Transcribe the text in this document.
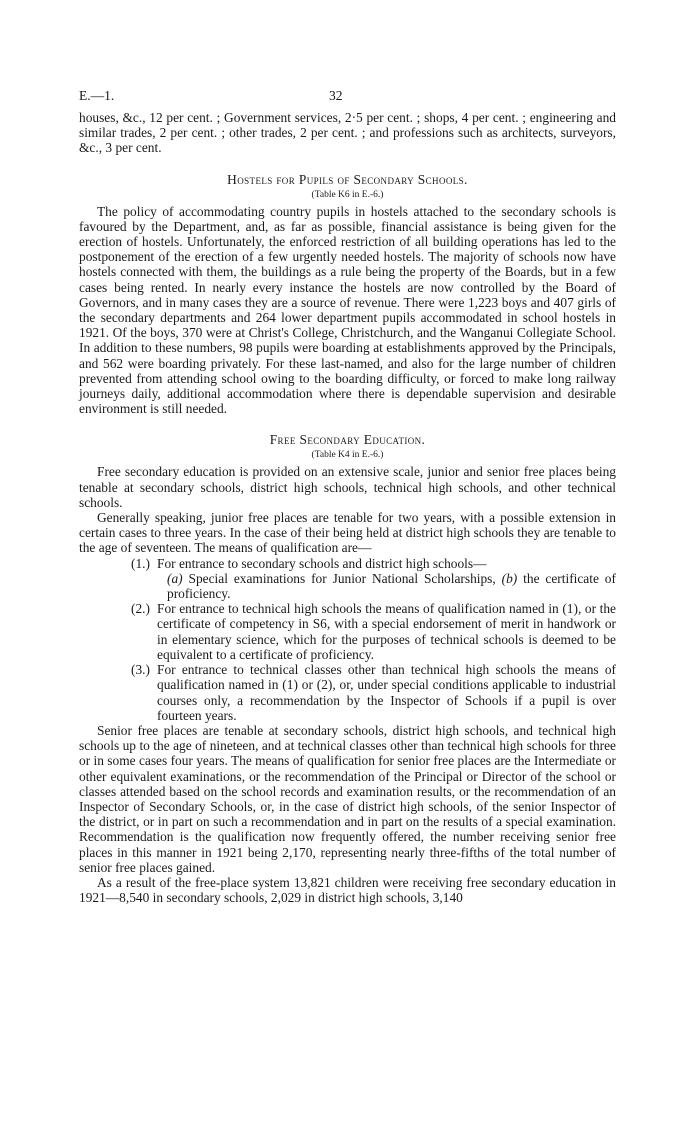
E.—1.	32

houses, &c., 12 per cent. ; Government services, 2·5 per cent. ; shops, 4 per cent. ; engineering and similar trades, 2 per cent. ; other trades, 2 per cent. ; and professions such as architects, surveyors, &c., 3 per cent.

Hostels for Pupils of Secondary Schools.
(Table K6 in E.-6.)

The policy of accommodating country pupils in hostels attached to the secondary schools is favoured by the Department, and, as far as possible, financial assistance is being given for the erection of hostels. Unfortunately, the enforced restriction of all building operations has led to the postponement of the erection of a few urgently needed hostels. The majority of schools now have hostels connected with them, the buildings as a rule being the property of the Boards, but in a few cases being rented. In nearly every instance the hostels are now controlled by the Board of Governors, and in many cases they are a source of revenue. There were 1,223 boys and 407 girls of the secondary departments and 264 lower department pupils accommodated in school hostels in 1921. Of the boys, 370 were at Christ's College, Christchurch, and the Wanganui Collegiate School. In addition to these numbers, 98 pupils were boarding at establishments approved by the Principals, and 562 were boarding privately. For these last-named, and also for the large number of children prevented from attending school owing to the boarding difficulty, or forced to make long railway journeys daily, additional accommodation where there is dependable supervision and desirable environment is still needed.

Free Secondary Education.
(Table K4 in E.-6.)

Free secondary education is provided on an extensive scale, junior and senior free places being tenable at secondary schools, district high schools, technical high schools, and other technical schools.

Generally speaking, junior free places are tenable for two years, with a possible extension in certain cases to three years. In the case of their being held at district high schools they are tenable to the age of seventeen. The means of qualification are—

(1.) For entrance to secondary schools and district high schools—

(a) Special examinations for Junior National Scholarships, (b) the certificate of proficiency.

(2.) For entrance to technical high schools the means of qualification named in (1), or the certificate of competency in S6, with a special endorsement of merit in handwork or in elementary science, which for the purposes of technical schools is deemed to be equivalent to a certificate of proficiency.

(3.) For entrance to technical classes other than technical high schools the means of qualification named in (1) or (2), or, under special conditions applicable to industrial courses only, a recommendation by the Inspector of Schools if a pupil is over fourteen years.

Senior free places are tenable at secondary schools, district high schools, and technical high schools up to the age of nineteen, and at technical classes other than technical high schools for three or in some cases four years. The means of qualification for senior free places are the Intermediate or other equivalent examinations, or the recommendation of the Principal or Director of the school or classes attended based on the school records and examination results, or the recommendation of an Inspector of Secondary Schools, or, in the case of district high schools, of the senior Inspector of the district, or in part on such a recommendation and in part on the results of a special examination. Recommendation is the qualification now frequently offered, the number receiving senior free places in this manner in 1921 being 2,170, representing nearly three-fifths of the total number of senior free places gained.

As a result of the free-place system 13,821 children were receiving free secondary education in 1921—8,540 in secondary schools, 2,029 in district high schools, 3,140
